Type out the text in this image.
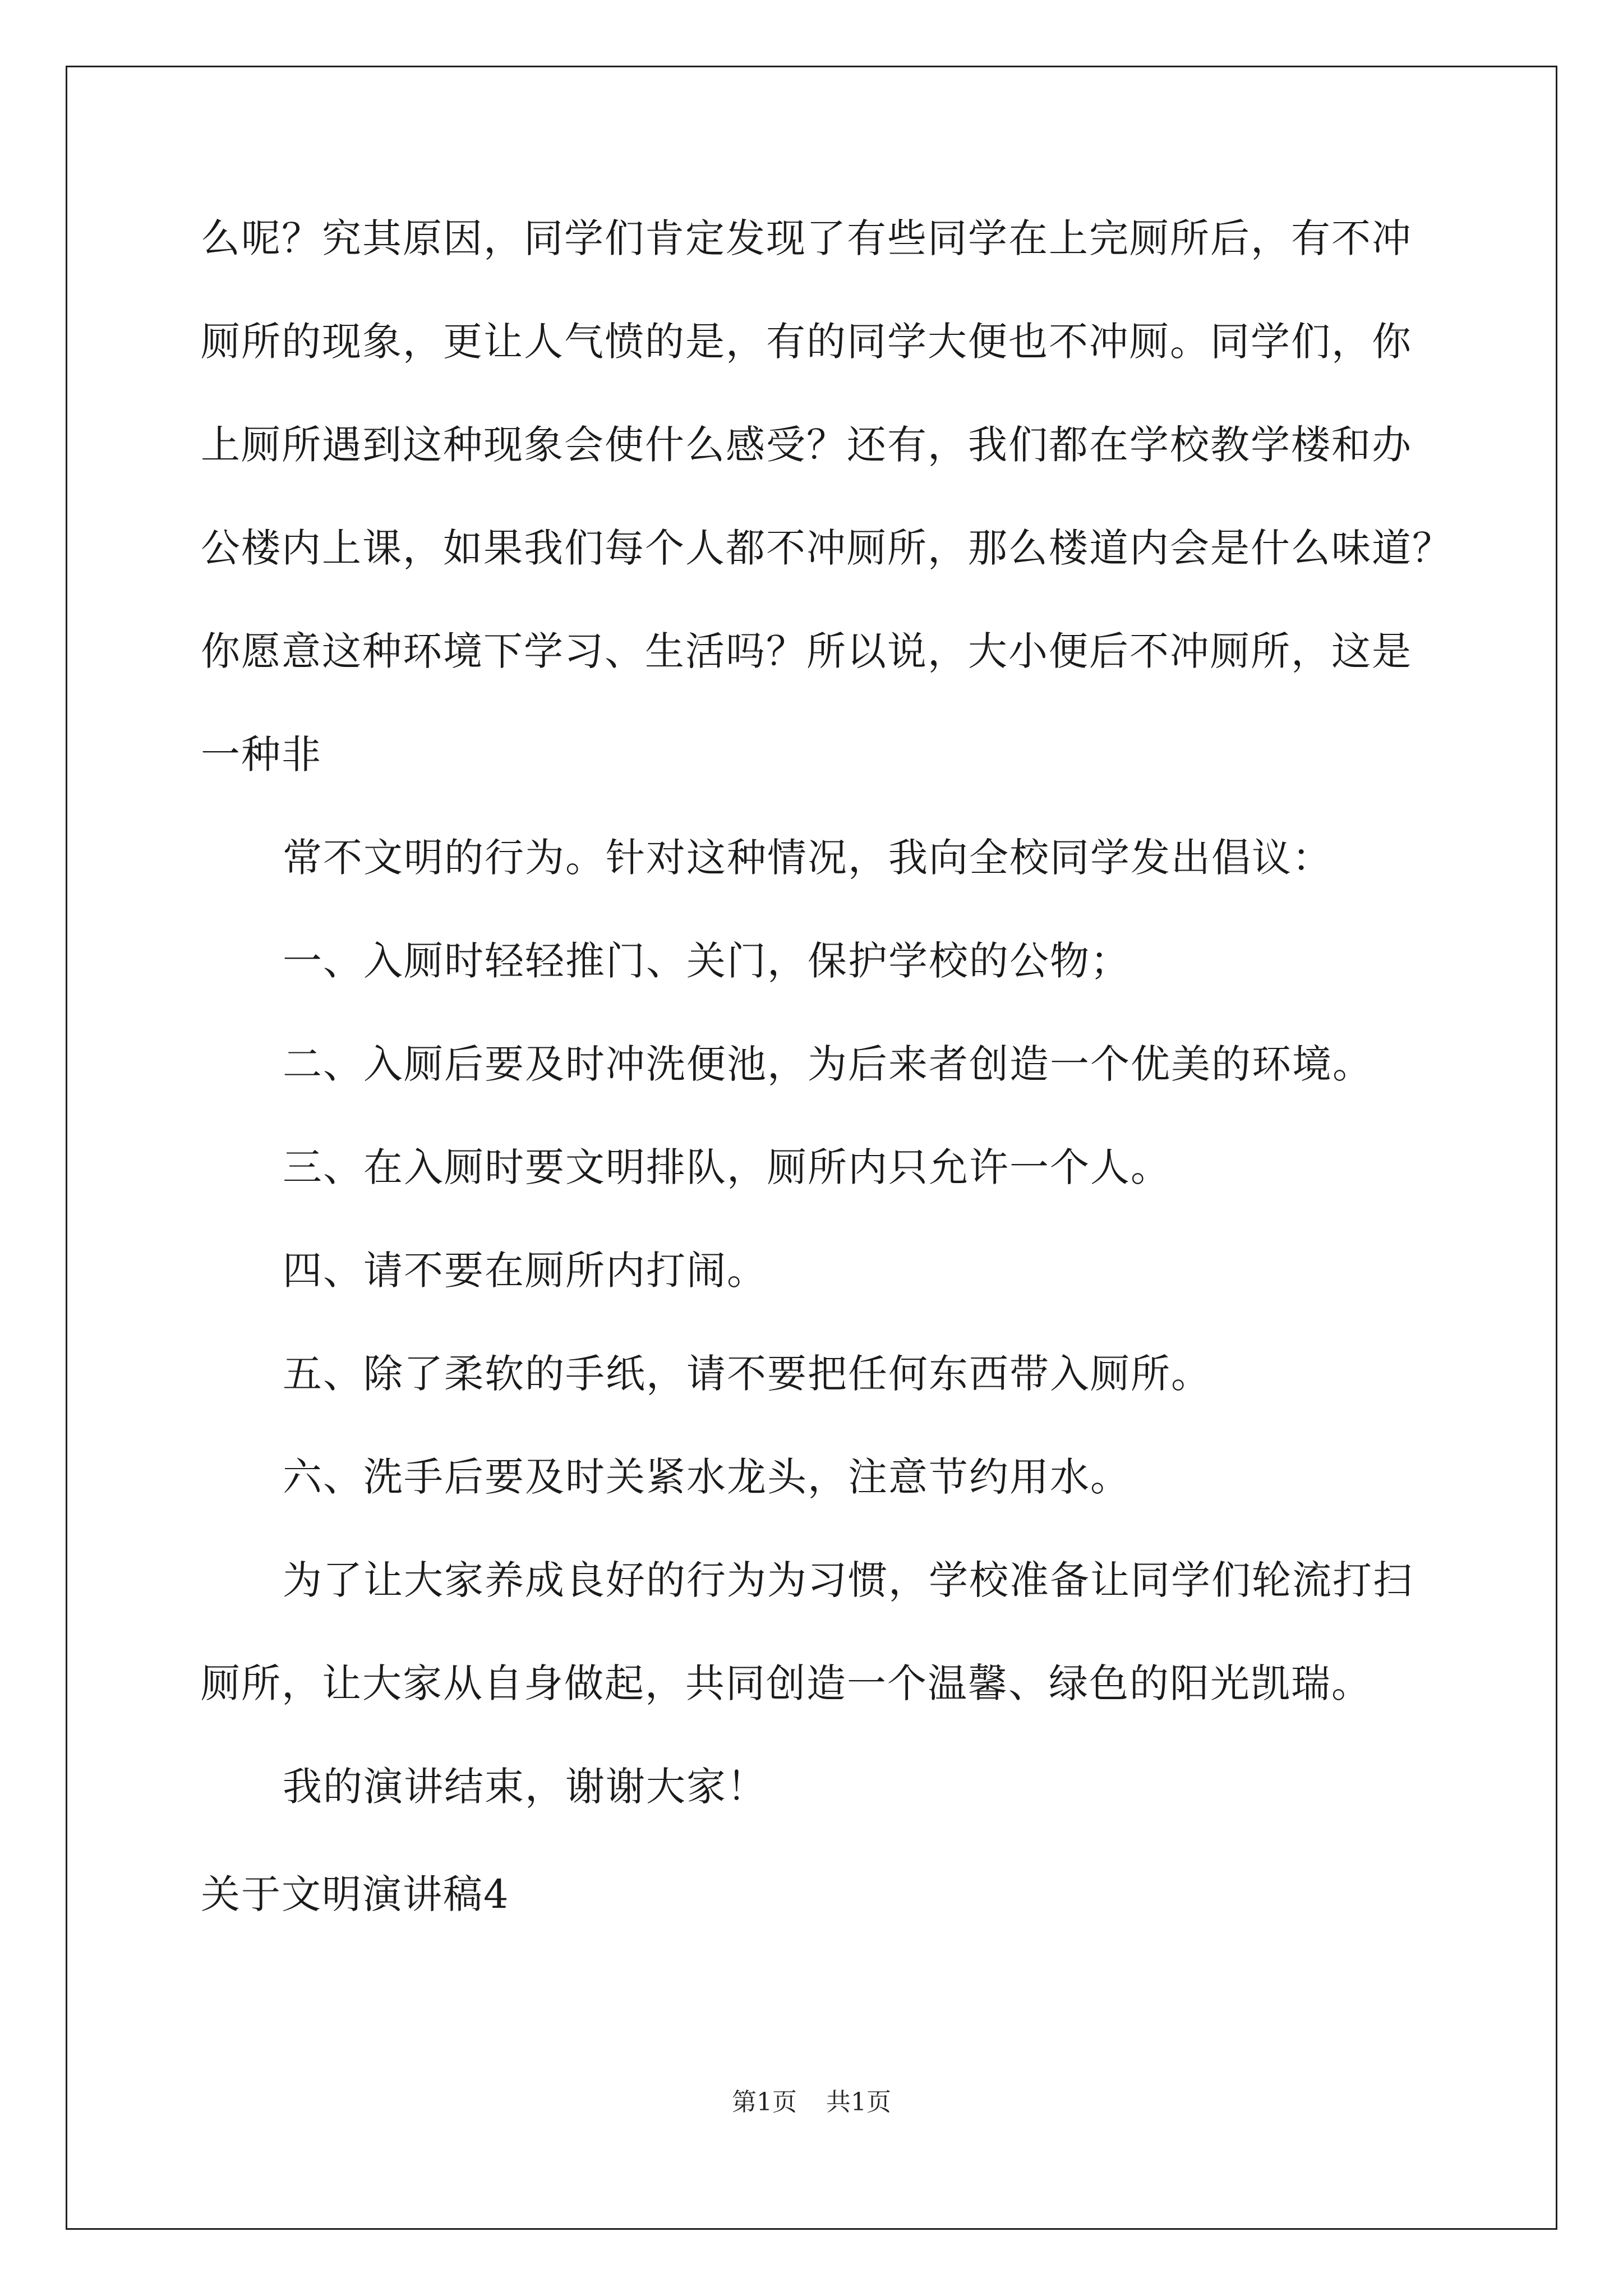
么呢？究其原因，同学们肯定发现了有些同学在上完厕所后，有不冲
厕所的现象，更让人气愤的是，有的同学大便也不冲厕。同学们，你
上厕所遇到这种现象会使什么感受？还有，我们都在学校教学楼和办
公楼内上课，如果我们每个人都不冲厕所，那么楼道内会是什么味道？
你愿意这种环境下学习、生活吗？所以说，大小便后不冲厕所，这是
一种非
常不文明的行为。针对这种情况，我向全校同学发出倡议：
一、入厕时轻轻推门、关门，保护学校的公物；
二、入厕后要及时冲洗便池，为后来者创造一个优美的环境。
三、在入厕时要文明排队，厕所内只允许一个人。
四、请不要在厕所内打闹。
五、除了柔软的手纸，请不要把任何东西带入厕所。
六、洗手后要及时关紧水龙头，注意节约用水。
为了让大家养成良好的行为为习惯，学校准备让同学们轮流打扫
厕所，让大家从自身做起，共同创造一个温馨、绿色的阳光凯瑞。
我的演讲结束，谢谢大家！
关于文明演讲稿4
第1页 共1页
